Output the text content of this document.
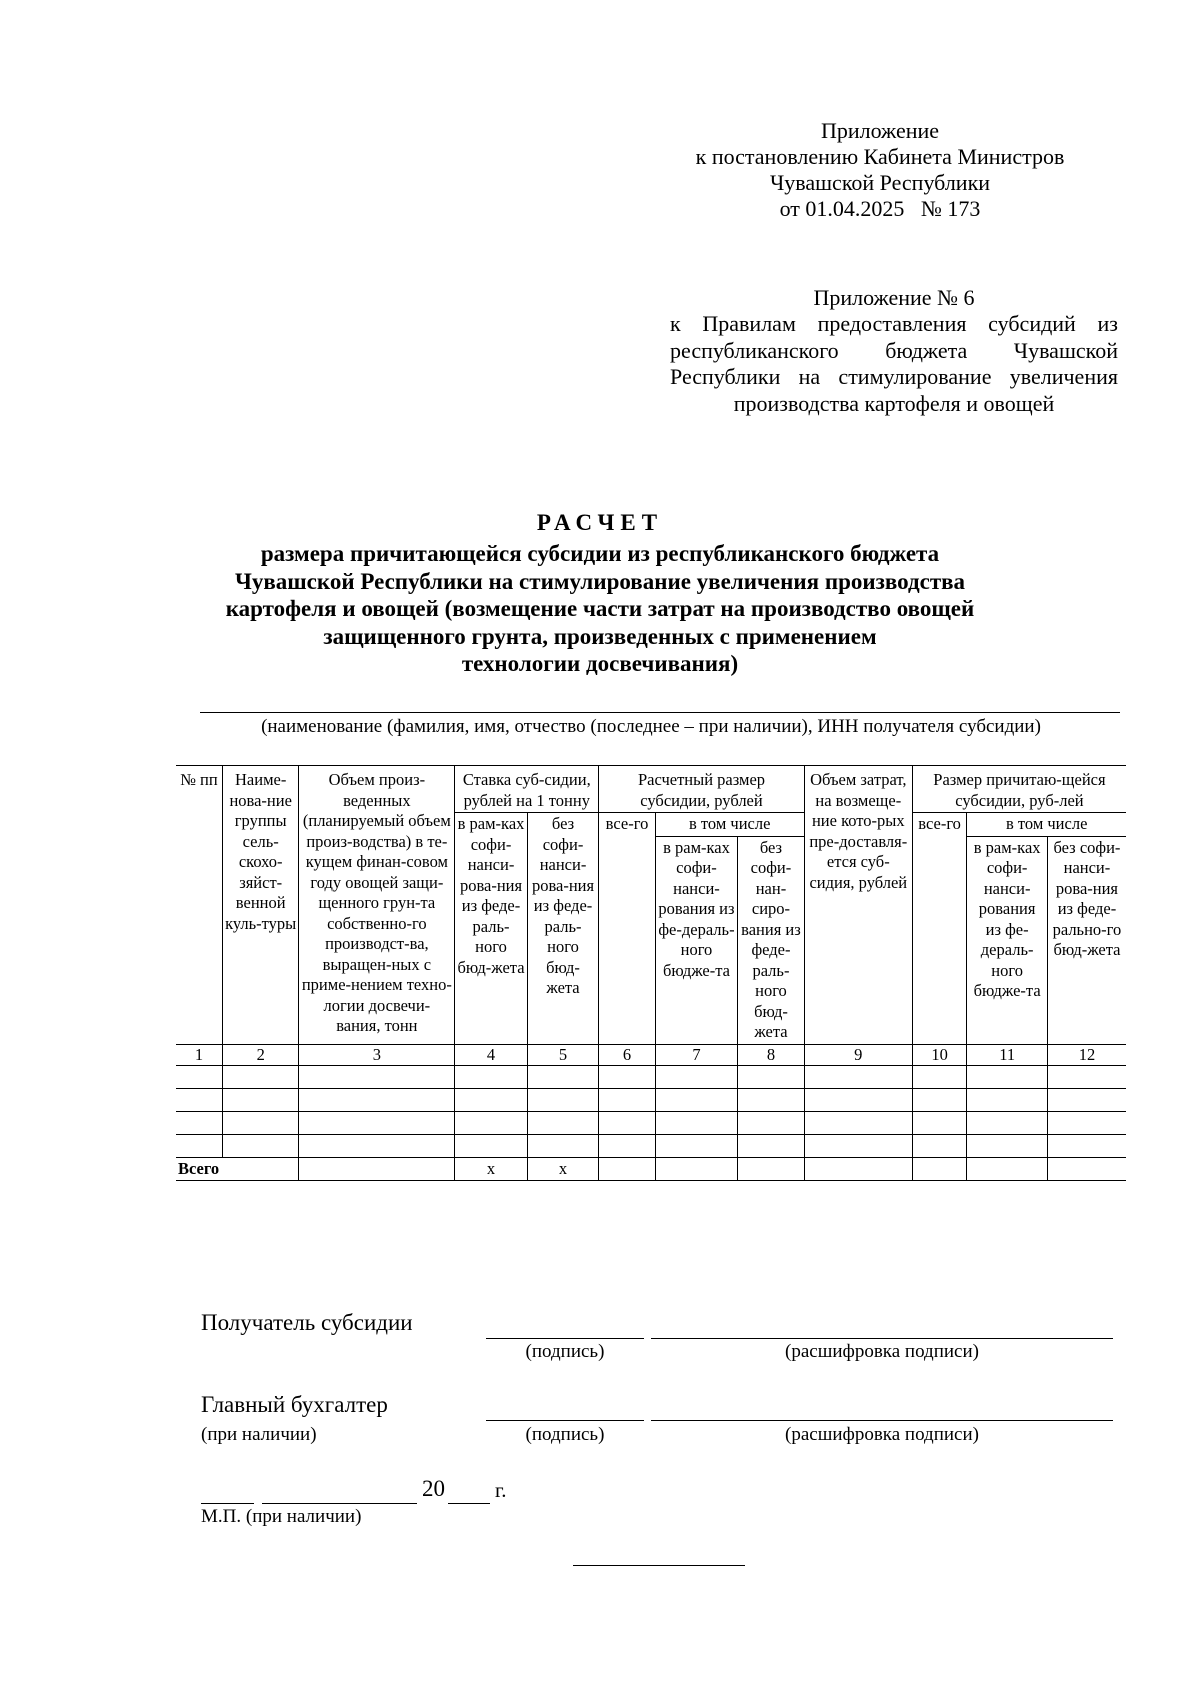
Приложение
к постановлению Кабинета Министров
Чувашской Республики
от 01.04.2025   № 173
Приложение № 6
к Правилам предоставления субсидий из республиканского бюджета Чувашской Республики на стимулирование увеличения производства картофеля и овощей
РАСЧЕТ
размера причитающейся субсидии из республиканского бюджета
Чувашской Республики на стимулирование увеличения производства
картофеля и овощей (возмещение части затрат на производство овощей
защищенного грунта, произведенных с применением
технологии досвечивания)
(наименование (фамилия, имя, отчество (последнее – при наличии), ИНН получателя субсидии)
№ пп	Наиме-нова-ние группы сель-скохо-зяйст-венной куль-туры	Объем произ-веденных (планируемый объем произ-водства) в те-кущем финан-совом году овощей защи-щенного грун-та собственно-го производст-ва, выращен-ных с приме-нением техно-логии досвечи-вания, тонн	Ставка суб-сидии, рублей на 1 тонну		Расчетный размер субсидии, рублей			Объем затрат, на возмеще-ние кото-рых пре-доставля-ется суб-сидия, рублей	Размер причитаю-щейся субсидии, руб-лей		
			в рам-ках софи-нанси-рова-ния из феде-раль-ного бюд-жета	без софи-нанси-рова-ния из феде-раль-ного бюд-жета	все-го	в том числе			все-го	в том числе	
						в рам-ках софи-нанси-рования из фе-дераль-ного бюдже-та	без софи-нан-сиро-вания из феде-раль-ного бюд-жета			в рам-ках софи-нанси-рования из фе-дераль-ного бюдже-та	без софи-нанси-рова-ния из феде-рально-го бюд-жета
1	2	3	4	5	6	7	8	9	10	11	12

Всего			x	x							
Получатель субсидии
(подпись)	(расшифровка подписи)
Главный бухгалтер
(при наличии)	(подпись)	(расшифровка подписи)
20 г.
М.П. (при наличии)
